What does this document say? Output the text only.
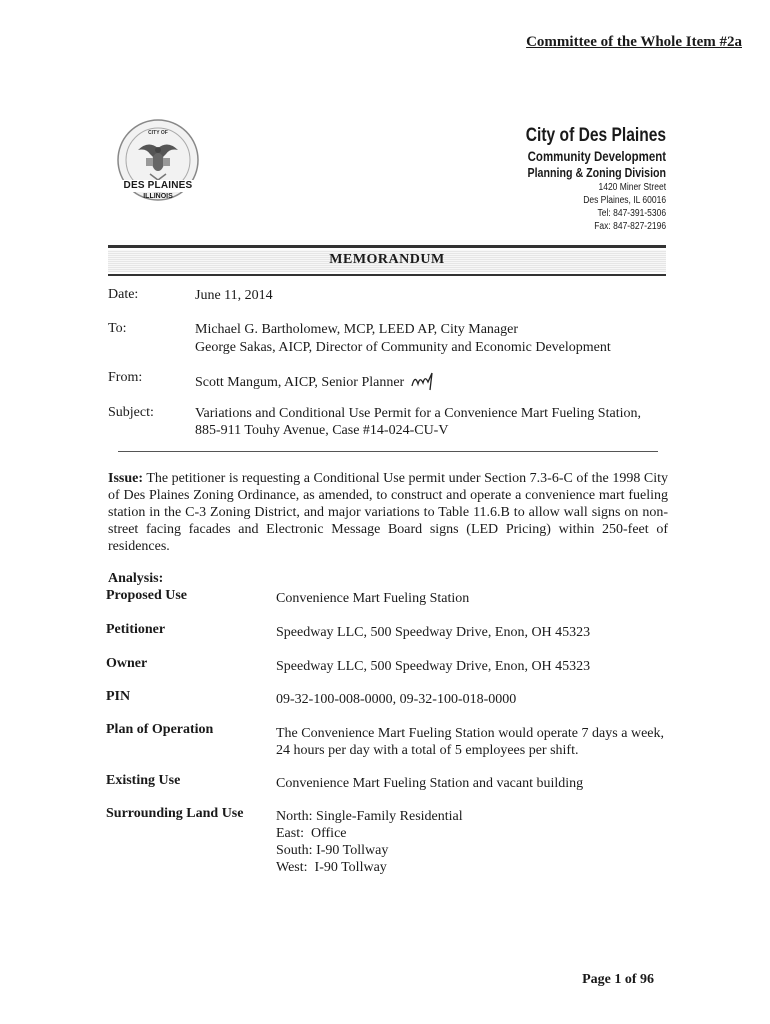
Committee of the Whole Item #2a
CITY OF
DES PLAINES
ILLINOIS
City of Des Plaines
Community Development
Planning & Zoning Division
1420 Miner Street
Des Plaines, IL 60016
Tel: 847-391-5306
Fax: 847-827-2196
MEMORANDUM
Date:	June 11, 2014
To:	Michael G. Bartholomew, MCP, LEED AP, City Manager
George Sakas, AICP, Director of Community and Economic Development
From:	Scott Mangum, AICP, Senior Planner
Subject:	Variations and Conditional Use Permit for a Convenience Mart Fueling Station,
885-911 Touhy Avenue, Case #14-024-CU-V
Issue: The petitioner is requesting a Conditional Use permit under Section 7.3-6-C of the 1998 City of Des Plaines Zoning Ordinance, as amended, to construct and operate a convenience mart fueling station in the C-3 Zoning District, and major variations to Table 11.6.B to allow wall signs on non-street facing facades and Electronic Message Board signs (LED Pricing) within 250-feet of residences.
Analysis:
Proposed Use	Convenience Mart Fueling Station
Petitioner	Speedway LLC, 500 Speedway Drive, Enon, OH 45323
Owner	Speedway LLC, 500 Speedway Drive, Enon, OH 45323
PIN	09-32-100-008-0000, 09-32-100-018-0000
Plan of Operation	The Convenience Mart Fueling Station would operate 7 days a week, 24 hours per day with a total of 5 employees per shift.
Existing Use	Convenience Mart Fueling Station and vacant building
Surrounding Land Use North: Single-Family Residential
East:  Office
South: I-90 Tollway
West:  I-90 Tollway
Page 1 of 96
